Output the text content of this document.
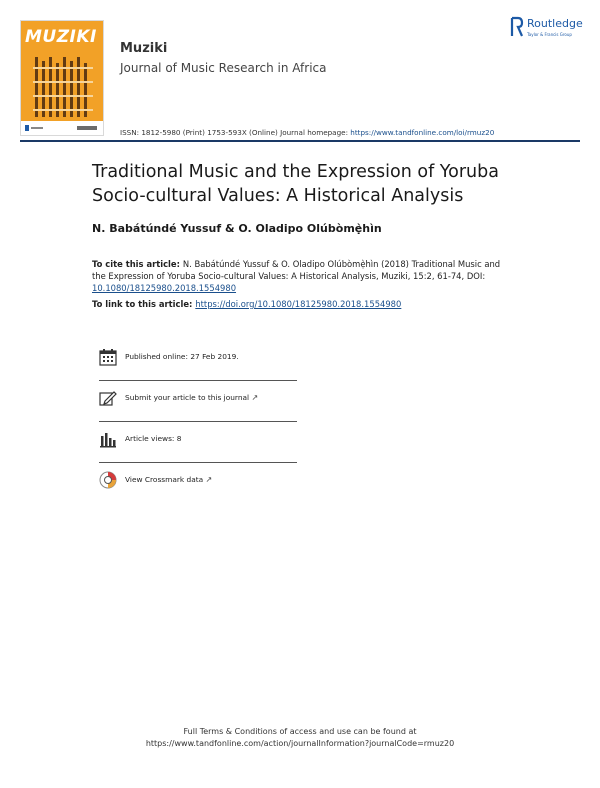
MUZIKI
Muziki
Journal of Music Research in Africa
ISSN: 1812-5980 (Print) 1753-593X (Online) Journal homepage: https://www.tandfonline.com/loi/rmuz20
Routledge
Taylor & Francis Group
Traditional Music and the Expression of Yoruba Socio-cultural Values: A Historical Analysis
N. Babátúndé Yussuf & O. Oladipo Olúbòmẹ̀hìn
To cite this article: N. Babátúndé Yussuf & O. Oladipo Olúbòmẹ̀hìn (2018) Traditional Music and the Expression of Yoruba Socio-cultural Values: A Historical Analysis, Muziki, 15:2, 61-74, DOI: 10.1080/18125980.2018.1554980
To link to this article: https://doi.org/10.1080/18125980.2018.1554980
Published online: 27 Feb 2019.
Submit your article to this journal ↗
Article views: 8
View Crossmark data ↗
Full Terms & Conditions of access and use can be found at
https://www.tandfonline.com/action/journalInformation?journalCode=rmuz20
